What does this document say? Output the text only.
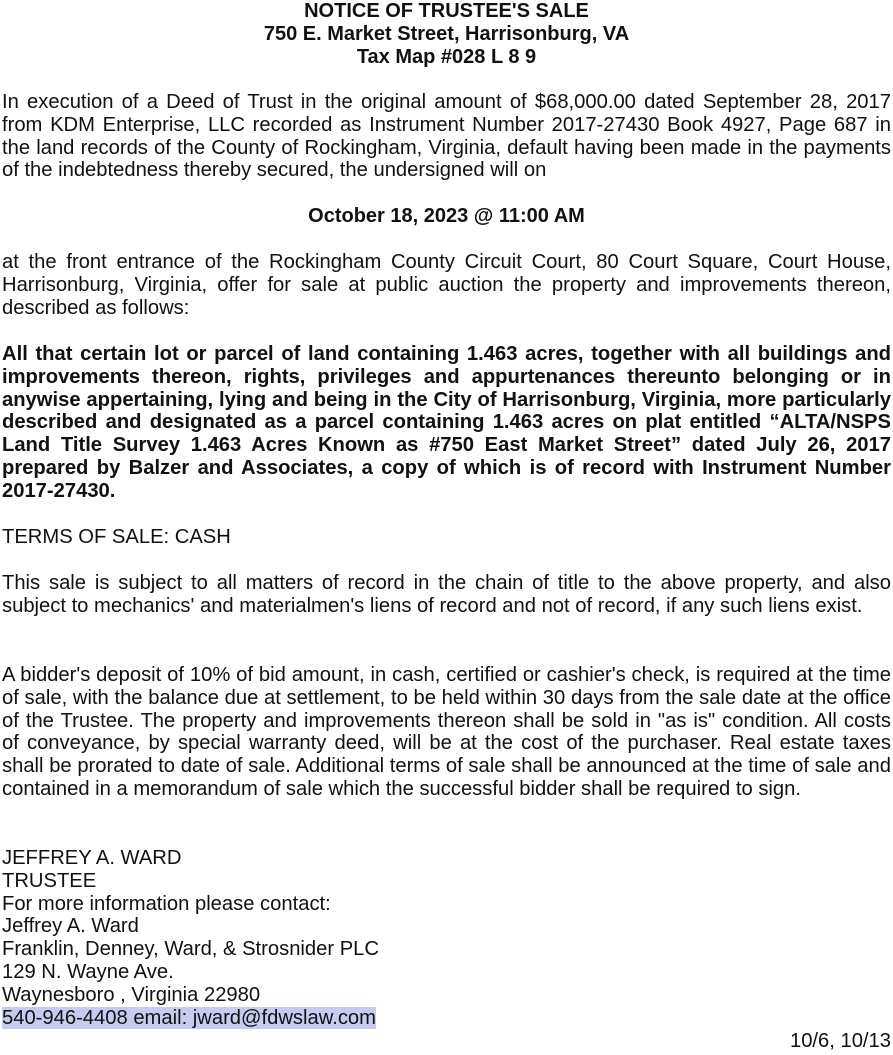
NOTICE OF TRUSTEE'S SALE
750 E. Market Street, Harrisonburg, VA
Tax Map #028 L 8 9

In execution of a Deed of Trust in the original amount of $68,000.00 dated September 28, 2017 from KDM Enterprise, LLC recorded as Instrument Number 2017-27430 Book 4927, Page 687 in the land records of the County of Rockingham, Virginia, default having been made in the payments of the indebtedness thereby secured, the undersigned will on

October 18, 2023 @ 11:00 AM

at the front entrance of the Rockingham County Circuit Court, 80 Court Square, Court House, Harrisonburg, Virginia, offer for sale at public auction the property and improvements thereon, described as follows:

All that certain lot or parcel of land containing 1.463 acres, together with all buildings and improvements thereon, rights, privileges and appurtenances thereunto belonging or in anywise appertaining, lying and being in the City of Harrisonburg, Virginia, more particularly described and designated as a parcel containing 1.463 acres on plat entitled “ALTA/NSPS Land Title Survey 1.463 Acres Known as #750 East Market Street” dated July 26, 2017 prepared by Balzer and Associates, a copy of which is of record with Instrument Number 2017-27430.

TERMS OF SALE: CASH

This sale is subject to all matters of record in the chain of title to the above property, and also subject to mechanics' and materialmen's liens of record and not of record, if any such liens exist.

A bidder's deposit of 10% of bid amount, in cash, certified or cashier's check, is required at the time of sale, with the balance due at settlement, to be held within 30 days from the sale date at the office of the Trustee. The property and improvements thereon shall be sold in "as is" condition. All costs of conveyance, by special warranty deed, will be at the cost of the purchaser. Real estate taxes shall be prorated to date of sale. Additional terms of sale shall be announced at the time of sale and contained in a memorandum of sale which the successful bidder shall be required to sign.

JEFFREY A. WARD
TRUSTEE
For more information please contact:
Jeffrey A. Ward
Franklin, Denney, Ward, & Strosnider PLC
129 N. Wayne Ave.
Waynesboro , Virginia 22980
540-946-4408 email: jward@fdwslaw.com
10/6, 10/13
